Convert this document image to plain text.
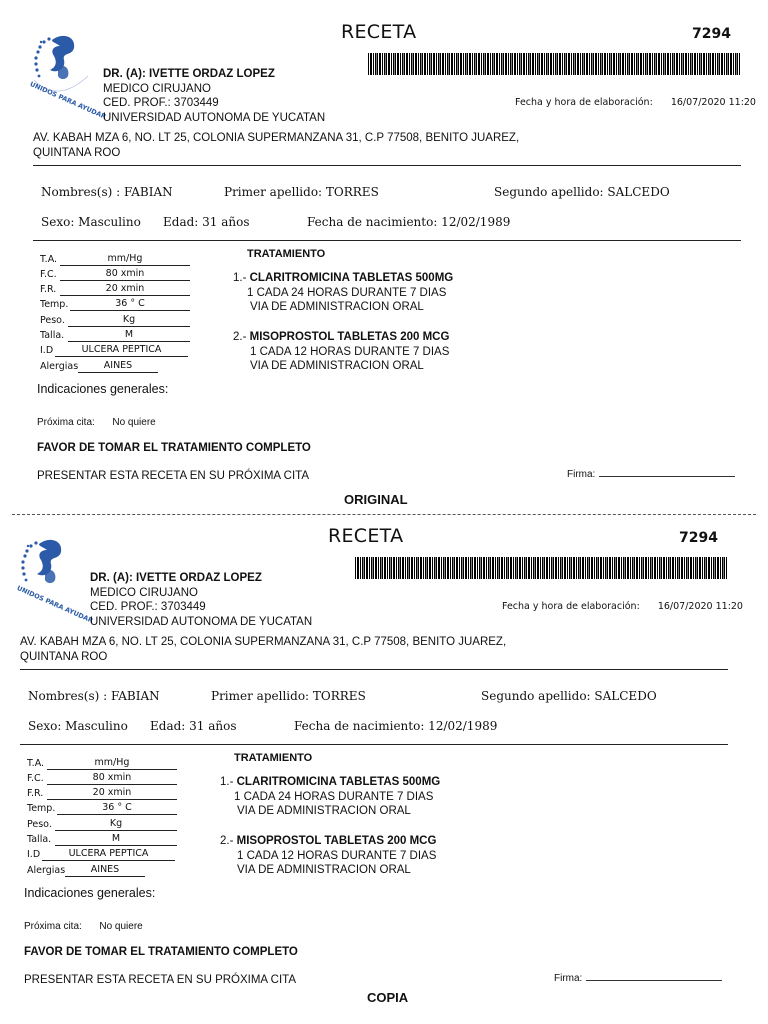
UNIDOS PARA AYUDAR
RECETA	7294
DR. (A): IVETTE ORDAZ LOPEZ
MEDICO CIRUJANO
CED. PROF.: 3703449
UNIVERSIDAD AUTONOMA DE YUCATAN
Fecha y hora de elaboración: 16/07/2020 11:20
AV. KABAH MZA 6, NO. LT 25, COLONIA SUPERMANZANA 31, C.P 77508, BENITO JUAREZ,
QUINTANA ROO
Nombres(s) : FABIAN	Primer apellido: TORRES	Segundo apellido: SALCEDO
Sexo: Masculino Edad: 31 años	Fecha de nacimiento: 12/02/1989
T.A.	mm/Hg
F.C.	80 xmin
F.R.	20 xmin
Temp.	36 ° C
Peso.	Kg
Talla.	M
I.D	ULCERA PEPTICA
Alergias	AINES
TRATAMIENTO
1.- CLARITROMICINA TABLETAS 500MG
1 CADA 24 HORAS DURANTE 7 DIAS
VIA DE ADMINISTRACION ORAL
2.- MISOPROSTOL TABLETAS 200 MCG
1 CADA 12 HORAS DURANTE 7 DIAS
VIA DE ADMINISTRACION ORAL
Indicaciones generales:
Próxima cita: No quiere
FAVOR DE TOMAR EL TRATAMIENTO COMPLETO
PRESENTAR ESTA RECETA EN SU PRÓXIMA CITA	Firma:
ORIGINAL
UNIDOS PARA AYUDAR
RECETA	7294
DR. (A): IVETTE ORDAZ LOPEZ
MEDICO CIRUJANO
CED. PROF.: 3703449
UNIVERSIDAD AUTONOMA DE YUCATAN
Fecha y hora de elaboración: 16/07/2020 11:20
AV. KABAH MZA 6, NO. LT 25, COLONIA SUPERMANZANA 31, C.P 77508, BENITO JUAREZ,
QUINTANA ROO
Nombres(s) : FABIAN	Primer apellido: TORRES	Segundo apellido: SALCEDO
Sexo: Masculino Edad: 31 años	Fecha de nacimiento: 12/02/1989
T.A.	mm/Hg
F.C.	80 xmin
F.R.	20 xmin
Temp.	36 ° C
Peso.	Kg
Talla.	M
I.D	ULCERA PEPTICA
Alergias	AINES
TRATAMIENTO
1.- CLARITROMICINA TABLETAS 500MG
1 CADA 24 HORAS DURANTE 7 DIAS
VIA DE ADMINISTRACION ORAL
2.- MISOPROSTOL TABLETAS 200 MCG
1 CADA 12 HORAS DURANTE 7 DIAS
VIA DE ADMINISTRACION ORAL
Indicaciones generales:
Próxima cita: No quiere
FAVOR DE TOMAR EL TRATAMIENTO COMPLETO
PRESENTAR ESTA RECETA EN SU PRÓXIMA CITA	Firma:
COPIA
